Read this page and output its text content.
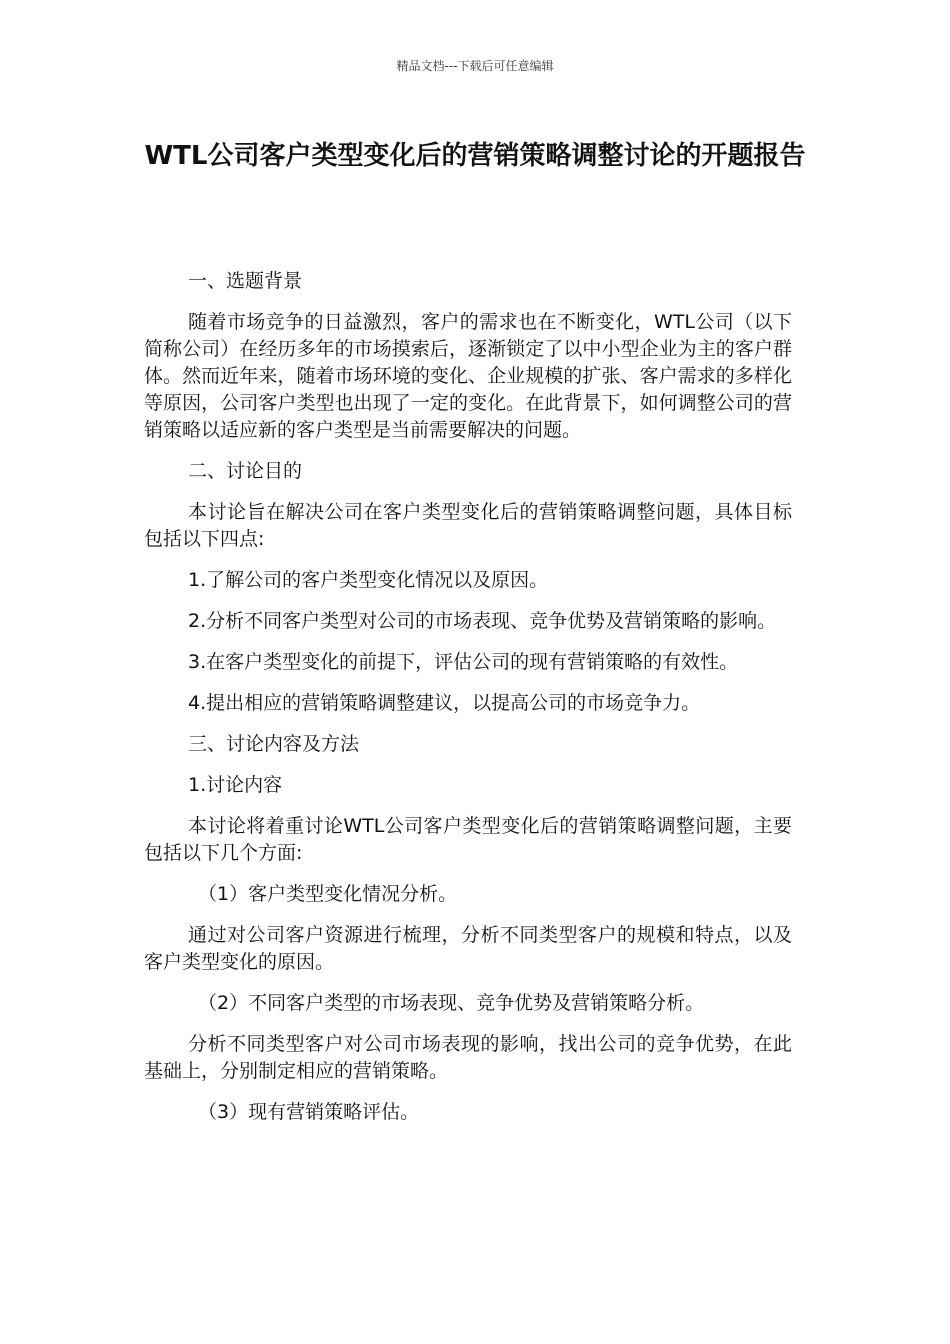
精品文档---下载后可任意编辑
WTL公司客户类型变化后的营销策略调整讨论的开题报告

一、选题背景

随着市场竞争的日益激烈，客户的需求也在不断变化，WTL公司（以下简称公司）在经历多年的市场摸索后，逐渐锁定了以中小型企业为主的客户群体。然而近年来，随着市场环境的变化、企业规模的扩张、客户需求的多样化等原因，公司客户类型也出现了一定的变化。在此背景下，如何调整公司的营销策略以适应新的客户类型是当前需要解决的问题。

二、讨论目的

本讨论旨在解决公司在客户类型变化后的营销策略调整问题，具体目标包括以下四点:

1.了解公司的客户类型变化情况以及原因。

2.分析不同客户类型对公司的市场表现、竞争优势及营销策略的影响。

3.在客户类型变化的前提下，评估公司的现有营销策略的有效性。

4.提出相应的营销策略调整建议，以提高公司的市场竞争力。

三、讨论内容及方法

1.讨论内容

本讨论将着重讨论WTL公司客户类型变化后的营销策略调整问题，主要包括以下几个方面:

（1）客户类型变化情况分析。

通过对公司客户资源进行梳理，分析不同类型客户的规模和特点，以及客户类型变化的原因。

（2）不同客户类型的市场表现、竞争优势及营销策略分析。

分析不同类型客户对公司市场表现的影响，找出公司的竞争优势，在此基础上，分别制定相应的营销策略。

（3）现有营销策略评估。
